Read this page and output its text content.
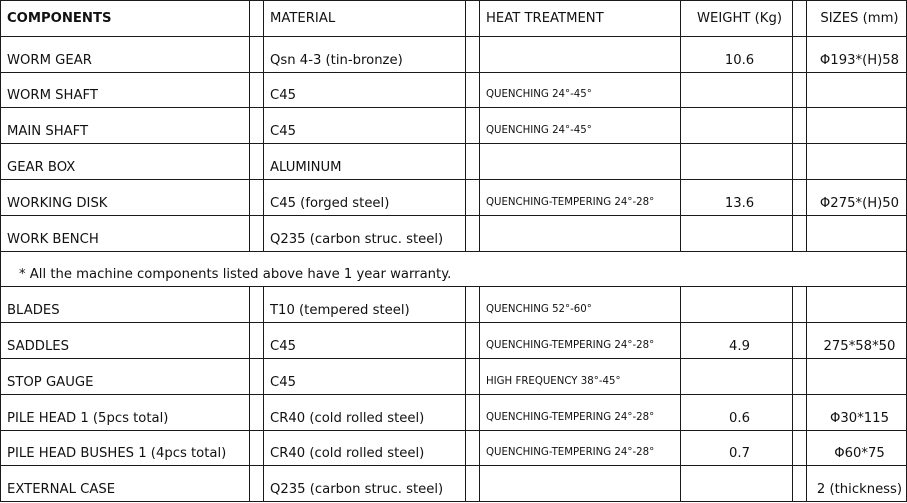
COMPONENTS		MATERIAL		HEAT TREATMENT	WEIGHT (Kg)		SIZES (mm)

WORM GEAR		Qsn 4-3 (tin-bronze)			10.6		Φ193*(H)58

WORM SHAFT		C45		QUENCHING 24°-45°			

MAIN SHAFT		C45		QUENCHING 24°-45°			

GEAR BOX		ALUMINUM					

WORKING DISK		C45 (forged steel)		QUENCHING-TEMPERING 24°-28°	13.6		Φ275*(H)50

WORK BENCH		Q235 (carbon struc. steel)					

* All the machine components listed above have 1 year warranty.							

BLADES		T10 (tempered steel)		QUENCHING 52°-60°			

SADDLES		C45		QUENCHING-TEMPERING 24°-28°	4.9		275*58*50

STOP GAUGE		C45		HIGH FREQUENCY 38°-45°			

PILE HEAD 1 (5pcs total)		CR40 (cold rolled steel)		QUENCHING-TEMPERING 24°-28°	0.6		Φ30*115

PILE HEAD BUSHES 1 (4pcs total)		CR40 (cold rolled steel)		QUENCHING-TEMPERING 24°-28°	0.7		Φ60*75

EXTERNAL CASE		Q235 (carbon struc. steel)					2 (thickness)
